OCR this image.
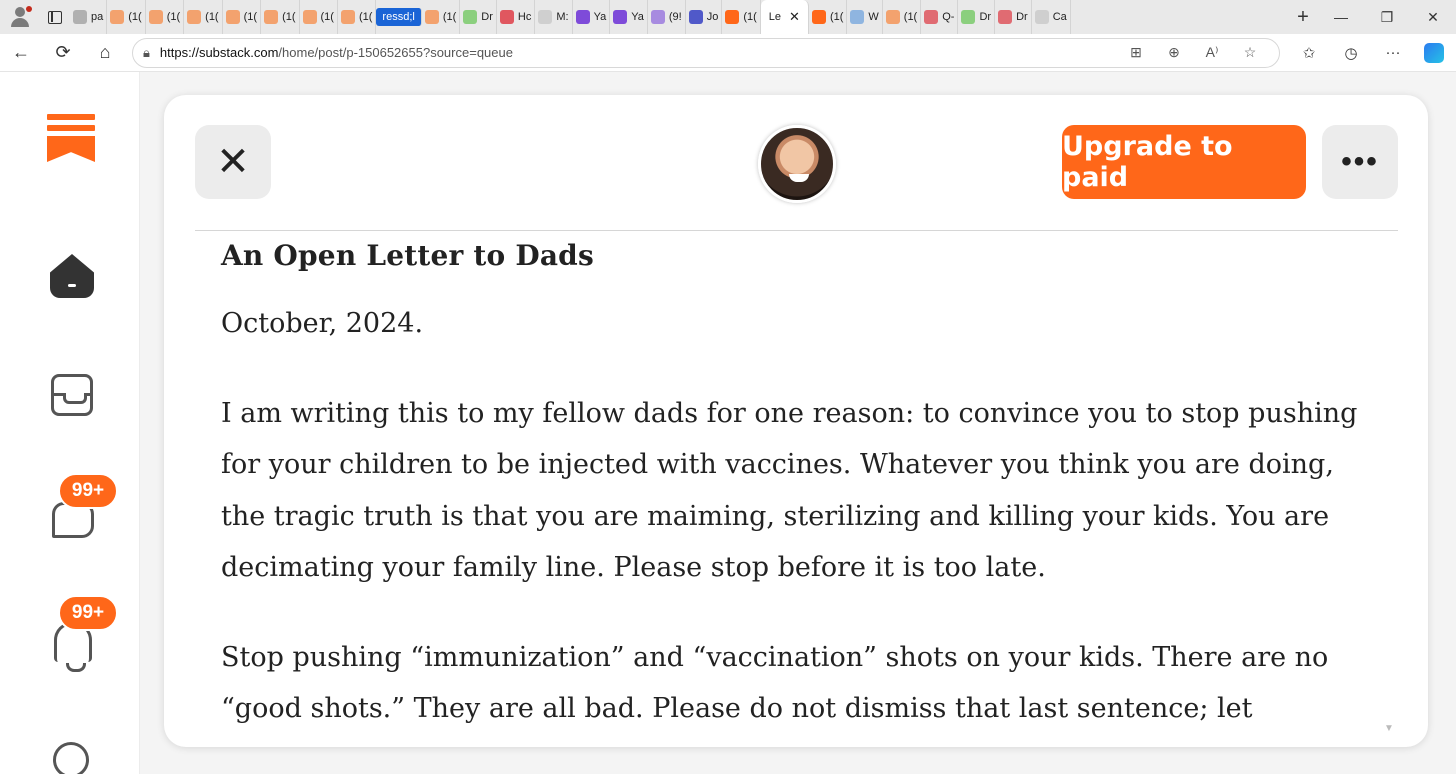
pa (1( (1( (1( (1( (1( (1( (1( ressd;l	(1( Dr Hc M: Ya Ya (9! Jo (1( Le ✕	(1( W (1( Q- Dr Dr Ca	+	—	❐	✕
←	⟳	⌂	🔒︎ https://substack.com/home/post/p-150652655?source=queue	⊞	⊕	A⁾	☆	✩	◷	···
99+
99+
✕	Upgrade to paid	•••
An Open Letter to Dads

October, 2024.

I am writing this to my fellow dads for one reason: to convince you to stop pushing for your children to be injected with vaccines. Whatever you think you are doing, the tragic truth is that you are maiming, sterilizing and killing your kids. You are decimating your family line. Please stop before it is too late.

Stop pushing “immunization” and “vaccination” shots on your kids. There are no “good shots.” They are all bad. Please do not dismiss that last sentence; let

▼
